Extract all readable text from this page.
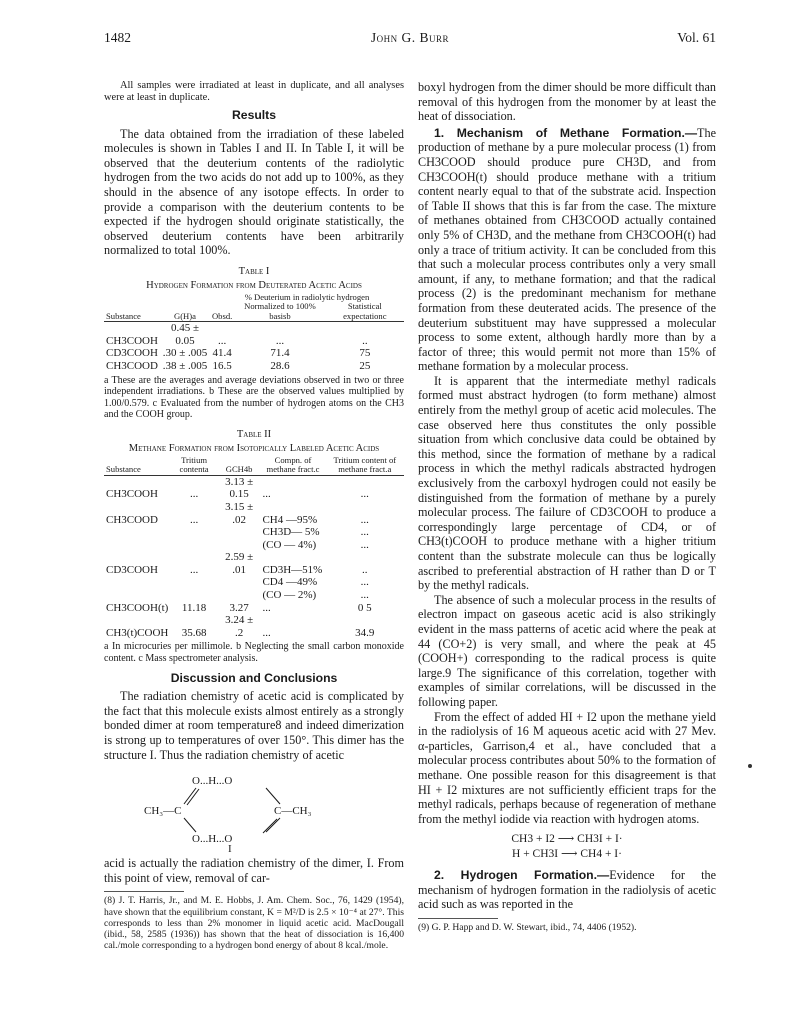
1482	John G. Burr	Vol. 61

All samples were irradiated at least in duplicate, and all analyses were at least in duplicate.

Results

The data obtained from the irradiation of these labeled molecules is shown in Tables I and II. In Table I, it will be observed that the deuterium contents of the radiolytic hydrogen from the two acids do not add up to 100%, as they should in the absence of any isotope effects. In order to provide a comparison with the deuterium contents to be expected if the hydrogen should originate statistically, the observed deuterium contents have been arbitrarily normalized to total 100%.

Table I
Hydrogen Formation from Deuterated Acetic Acids
		% Deuterium in radiolytic hydrogen		
Substance	G(H)a	Obsd.	Normalized to 100% basisb	Statistical expectationc
CH3COOH	0.45 ± 0.05	...	...	..
CD3COOH	.30 ± .005	41.4	71.4	75
CH3COOD	.38 ± .005	16.5	28.6	25

a These are the averages and average deviations observed in two or three independent irradiations. b These are the observed values multiplied by 1.00/0.579. c Evaluated from the number of hydrogen atoms on the CH3 and the COOH group.

Table II
Methane Formation from Isotopically Labeled Acetic Acids
Substance	Tritium contenta	GCH4b	Compn. of methane fract.c	Tritium content of methane fract.a
CH3COOH	...	3.13 ± 0.15	...	...
CH3COOD	...	3.15 ± .02	CH4 —95%	...
			CH3D— 5%	...
			(CO — 4%)	...
CD3COOH	...	2.59 ± .01	CD3H—51%	..
			CD4 —49%	...
			(CO — 2%)	...
CH3COOH(t)	11.18	3.27	...	0 5
CH3(t)COOH	35.68	3.24 ± .2	...	34.9

a In microcuries per millimole. b Neglecting the small carbon monoxide content. c Mass spectrometer analysis.

Discussion and Conclusions

The radiation chemistry of acetic acid is complicated by the fact that this molecule exists almost entirely as a strongly bonded dimer at room temperature8 and indeed dimerization is strong up to temperatures of over 150°. This dimer has the structure I. Thus the radiation chemistry of acetic

O...H...O
O...H...O
CH₃—C	C—CH₃
I

acid is actually the radiation chemistry of the dimer, I. From this point of view, removal of car-

(8) J. T. Harris, Jr., and M. E. Hobbs, J. Am. Chem. Soc., 76, 1429 (1954), have shown that the equilibrium constant, K = M²/D is 2.5 × 10⁻⁴ at 27°. This corresponds to less than 2% monomer in liquid acetic acid. MacDougall (ibid., 58, 2585 (1936)) has shown that the heat of dissociation is 16,400 cal./mole corresponding to a hydrogen bond energy of about 8 kcal./mole.

boxyl hydrogen from the dimer should be more difficult than removal of this hydrogen from the monomer by at least the heat of dissociation.

1. Mechanism of Methane Formation.—The production of methane by a pure molecular process (1) from CH3COOD should produce pure CH3D, and from CH3COOH(t) should produce methane with a tritium content nearly equal to that of the substrate acid. Inspection of Table II shows that this is far from the case. The mixture of methanes obtained from CH3COOD actually contained only 5% of CH3D, and the methane from CH3COOH(t) had only a trace of tritium activity. It can be concluded from this that such a molecular process contributes only a very small amount, if any, to methane formation; and that the radical process (2) is the predominant mechanism for methane formation from these deuterated acids. The presence of the deuterium substituent may have suppressed a molecular process to some extent, although hardly more than by a factor of three; this would permit not more than 15% of methane formation by a molecular process.

It is apparent that the intermediate methyl radicals formed must abstract hydrogen (to form methane) almost entirely from the methyl group of acetic acid molecules. The case observed here thus constitutes the only possible situation from which conclusive data could be obtained by this method, since the formation of methane by a radical process in which the methyl radicals abstracted hydrogen exclusively from the carboxyl hydrogen could not easily be distinguished from the formation of methane by a purely molecular process. The failure of CD3COOH to produce a correspondingly large percentage of CD4, or of CH3(t)COOH to produce methane with a higher tritium content than the substrate molecule can thus be logically ascribed to preferential abstraction of H rather than D or T by the methyl radicals.

The absence of such a molecular process in the results of electron impact on gaseous acetic acid is also strikingly evident in the mass patterns of acetic acid where the peak at 44 (CO+2) is very small, and where the peak at 45 (COOH+) corresponding to the radical process is quite large.9 The significance of this correlation, together with examples of similar correlations, will be discussed in the following paper.

From the effect of added HI + I2 upon the methane yield in the radiolysis of 16 M aqueous acetic acid with 27 Mev. α-particles, Garrison,4 et al., have concluded that a molecular process contributes about 50% to the formation of methane. One possible reason for this disagreement is that HI + I2 mixtures are not sufficiently efficient traps for the methyl radicals, perhaps because of regeneration of methane from the methyl iodide via reaction with hydrogen atoms.

CH3 + I2 ⟶ CH3I + I·
H + CH3I ⟶ CH4 + I·

2. Hydrogen Formation.—Evidence for the mechanism of hydrogen formation in the radiolysis of acetic acid such as was reported in the

(9) G. P. Happ and D. W. Stewart, ibid., 74, 4406 (1952).
